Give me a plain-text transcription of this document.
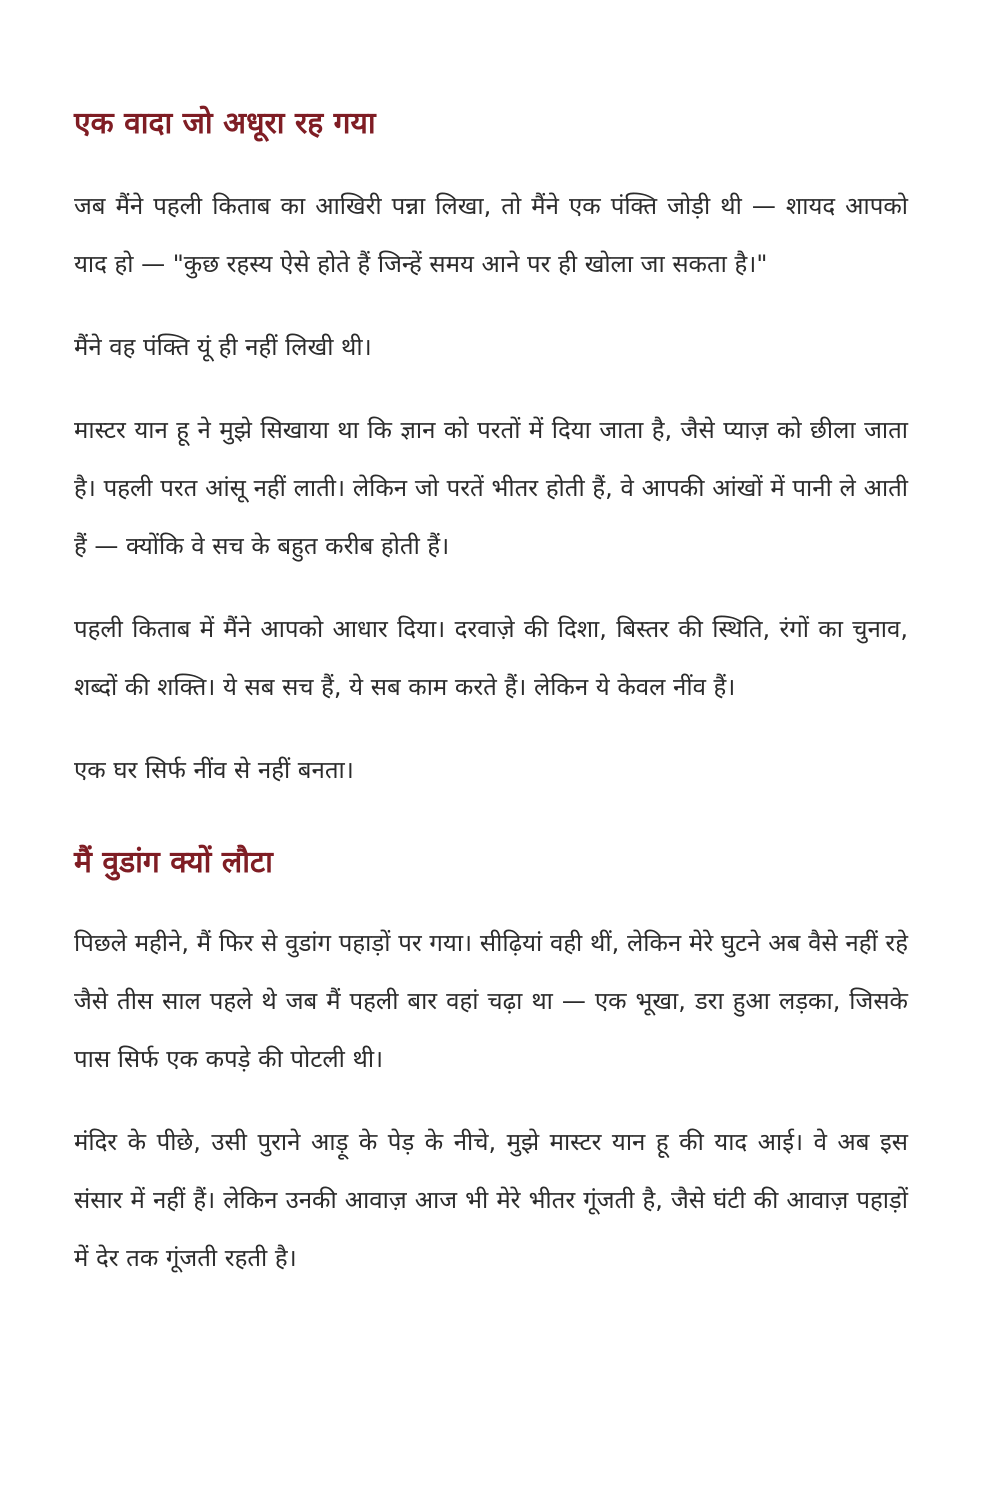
एक वादा जो अधूरा रह गया

जब मैंने पहली किताब का आखिरी पन्ना लिखा, तो मैंने एक पंक्ति जोड़ी थी — शायद आपको याद हो — "कुछ रहस्य ऐसे होते हैं जिन्हें समय आने पर ही खोला जा सकता है।"

मैंने वह पंक्ति यूं ही नहीं लिखी थी।

मास्टर यान हू ने मुझे सिखाया था कि ज्ञान को परतों में दिया जाता है, जैसे प्याज़ को छीला जाता है। पहली परत आंसू नहीं लाती। लेकिन जो परतें भीतर होती हैं, वे आपकी आंखों में पानी ले आती हैं — क्योंकि वे सच के बहुत करीब होती हैं।

पहली किताब में मैंने आपको आधार दिया। दरवाज़े की दिशा, बिस्तर की स्थिति, रंगों का चुनाव, शब्दों की शक्ति। ये सब सच हैं, ये सब काम करते हैं। लेकिन ये केवल नींव हैं।

एक घर सिर्फ नींव से नहीं बनता।

मैं वुडांग क्यों लौटा

पिछले महीने, मैं फिर से वुडांग पहाड़ों पर गया। सीढ़ियां वही थीं, लेकिन मेरे घुटने अब वैसे नहीं रहे जैसे तीस साल पहले थे जब मैं पहली बार वहां चढ़ा था — एक भूखा, डरा हुआ लड़का, जिसके पास सिर्फ एक कपड़े की पोटली थी।

मंदिर के पीछे, उसी पुराने आड़ू के पेड़ के नीचे, मुझे मास्टर यान हू की याद आई। वे अब इस संसार में नहीं हैं। लेकिन उनकी आवाज़ आज भी मेरे भीतर गूंजती है, जैसे घंटी की आवाज़ पहाड़ों में देर तक गूंजती रहती है।
